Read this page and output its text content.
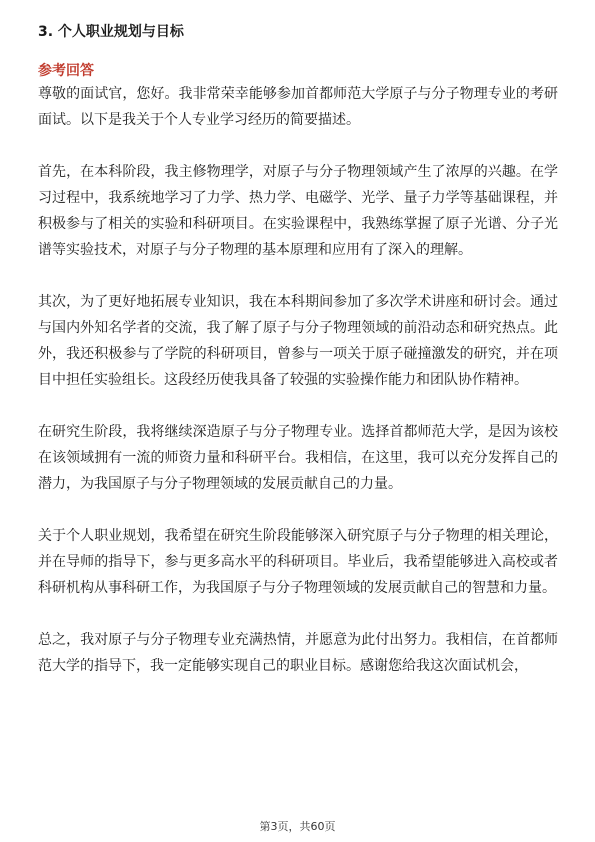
3. 个人职业规划与目标
参考回答

尊敬的面试官，您好。我非常荣幸能够参加首都师范大学原子与分子物理专业的考研面试。以下是我关于个人专业学习经历的简要描述。

首先，在本科阶段，我主修物理学，对原子与分子物理领域产生了浓厚的兴趣。在学习过程中，我系统地学习了力学、热力学、电磁学、光学、量子力学等基础课程，并积极参与了相关的实验和科研项目。在实验课程中，我熟练掌握了原子光谱、分子光谱等实验技术，对原子与分子物理的基本原理和应用有了深入的理解。

其次，为了更好地拓展专业知识，我在本科期间参加了多次学术讲座和研讨会。通过与国内外知名学者的交流，我了解了原子与分子物理领域的前沿动态和研究热点。此外，我还积极参与了学院的科研项目，曾参与一项关于原子碰撞激发的研究，并在项目中担任实验组长。这段经历使我具备了较强的实验操作能力和团队协作精神。

在研究生阶段，我将继续深造原子与分子物理专业。选择首都师范大学，是因为该校在该领域拥有一流的师资力量和科研平台。我相信，在这里，我可以充分发挥自己的潜力，为我国原子与分子物理领域的发展贡献自己的力量。

关于个人职业规划，我希望在研究生阶段能够深入研究原子与分子物理的相关理论，并在导师的指导下，参与更多高水平的科研项目。毕业后，我希望能够进入高校或者科研机构从事科研工作，为我国原子与分子物理领域的发展贡献自己的智慧和力量。

总之，我对原子与分子物理专业充满热情，并愿意为此付出努力。我相信，在首都师范大学的指导下，我一定能够实现自己的职业目标。感谢您给我这次面试机会，

第3页，共60页
